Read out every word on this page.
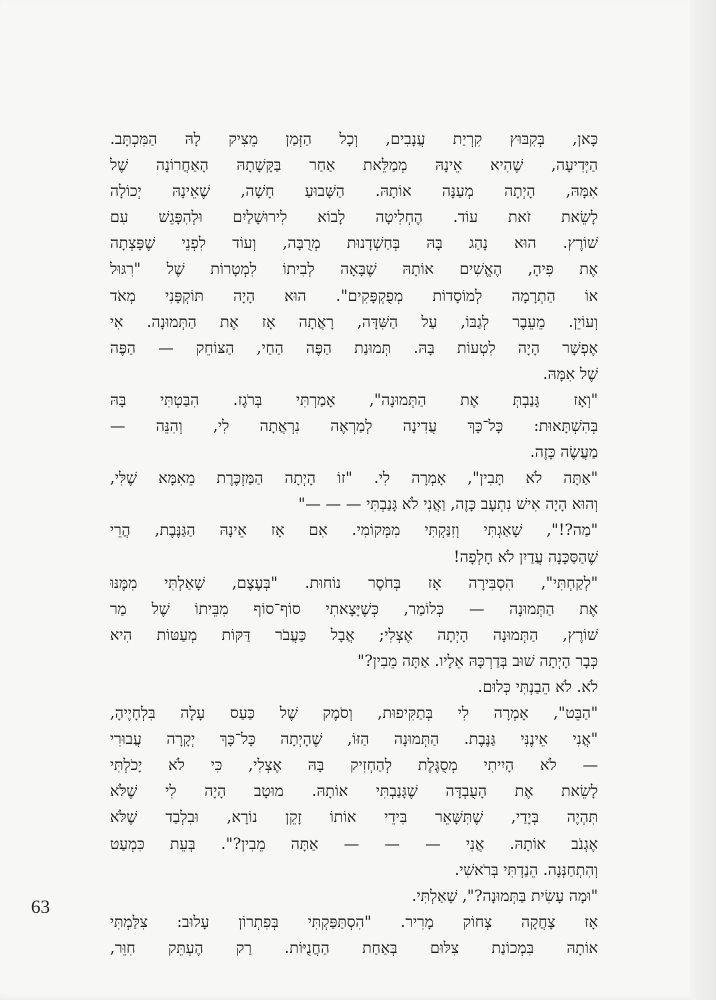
כָּאן, בְּקִבּוּץ קִרְיַת עֲנָבִים, וְכָל הַזְּמַן מֵצִיק לָהּ הַמִּכְתָּב.
הַיְּדִיעָה, שֶׁהִיא אֵינָהּ מְמַלֵּאת אַחַר בַּקָּשָׁתָהּ הָאַחֲרוֹנָה שֶׁל
אִמָּהּ, הָיְתָה מְעַנָּה אוֹתָהּ. הַשָּׁבוּעַ חָשָׁה, שֶׁאֵינָהּ יְכוֹלָה
לָשֵׂאת זֹאת עוֹד. הֶחְלִיטָה לָבוֹא לִירוּשָׁלַיִם וּלְהִפָּגֵשׁ עִם
שׁוֹרֶץ. הוּא נָהַג בָּהּ בְּחַשְׁדָנוּת מְרֻבָּה, וְעוֹד לִפְנֵי שֶׁפָּצְתָה
אֶת פִּיהָ, הֶאֱשִׁים אוֹתָהּ שֶׁבָּאָה לְבִיתוֹ לִמְטָרוֹת שֶׁל "רִגּוּל
אוֹ הַתְרָמָה לְמוֹסָדוֹת מְפֻקְפָּקִים". הוּא הָיָה תּוֹקְפָּנִי מְאֹד
וְעוֹיֵן. מֵעֵבֶר לְגַבּוֹ, עַל הַשִּׁדָּה, רָאֲתָה אָז אֶת הַתְּמוּנָה. אִי
אֶפְשָׁר הָיָה לִטְעוֹת בָּהּ. תְּמוּנַת הַפֶּה הַחַי, הַצּוֹחֵק — הַפֶּה
שֶׁל אִמָּהּ.
"וְאָז גָּנַבְתְּ אֶת הַתְּמוּנָה", אָמַרְתִּי בְּרֹגֶז. הִבַּטְתִּי בָּהּ
בְּהִשְׁתָּאוּת: כָּל־כָּךְ עֲדִינָה לְמַרְאֶה נִרְאֲתָה לִי, וְהִנֵּה —
מַעֲשֶׂה כָּזֶה.
"אַתָּה לֹא תָּבִין", אָמְרָה לִי. "זוֹ הָיְתָה הַמַּזְכֶּרֶת מֵאִמָּא שֶׁלִּי,
וְהוּא הָיָה אִישׁ נִתְעָב כָּזֶה, וַאֲנִי לֹא גָּנַבְתִּי — — —"
"מַה?!", שָׁאַגְתִּי וְזִנַּקְתִּי מִמְּקוֹמִי. אִם אָז אֵינָהּ הַגַּנֶּבֶת, הֲרֵי
שֶׁהַסַּכָּנָה עֲדַיִן לֹא חָלְפָה!
"לְקַחְתִּי", הִסְבִּירָה אָז בְּחֹסֶר נוֹחוּת. "בְּעֶצֶם, שָׁאַלְתִּי מִמֶּנּוּ
אֶת הַתְּמוּנָה — כְּלוֹמַר, כְּשֶׁיָּצָאתִי סוֹף־סוֹף מִבֵּיתוֹ שֶׁל מַר
שׁוֹרֶץ, הַתְּמוּנָה הָיְתָה אֶצְלִי; אֲבָל כַּעֲבֹר דַּקּוֹת מְעַטּוֹת הִיא
כְּבָר הָיְתָה שׁוּב בְּדַרְכָּהּ אֵלָיו. אַתָּה מֵבִין?"
לֹא. לֹא הֵבַנְתִּי כְּלוּם.
"הַבֵּט", אָמְרָה לִי בְּתַקִּיפוּת, וְסֹמֶק שֶׁל כַּעַס עָלָה בִּלְחָיֶיהָ,
"אֲנִי אֵינֶנִּי גַּנֶּבֶת. הַתְּמוּנָה הַזּוֹ, שֶׁהָיְתָה כָּל־כָּךְ יְקָרָה עֲבוּרִי
— לֹא הָיִיתִי מְסֻגֶּלֶת לְהַחְזִיק בָּהּ אֶצְלִי, כִּי לֹא יָכֹלְתִּי
לָשֵׂאת אֶת הָעֻבְדָּה שֶׁגָּנַבְתִּי אוֹתָהּ. מוּטָב הָיָה לִי שֶׁלֹּא
תִּהְיֶה בְּיָדַי, שֶׁתִּשָּׁאֵר בִּידֵי אוֹתוֹ זָקֵן נוֹרָא, וּבִלְבַד שֶׁלֹּא
אֶגְנֹב אוֹתָהּ. אֲנִי — — — אַתָּה מֵבִין?". בְּעֵת כִּמְעַט
וְהִתְחַנְּנָה. הֵנַדְתִּי בְּרֹאשִׁי.
"וּמָה עָשִׂית בַּתְּמוּנָה?", שָׁאַלְתִּי.
אָז צָחֲקָה צְחוֹק מָרִיר. "הִסְתַּפַּקְתִּי בְּפִתְרוֹן עָלוּב: צִלַּמְתִּי
אוֹתָהּ בִּמְכוֹנַת צִלּוּם בְּאַחַת הַחֲנֻיּוֹת. רַק הֶעְתֵּק חִוֵּר,
63
